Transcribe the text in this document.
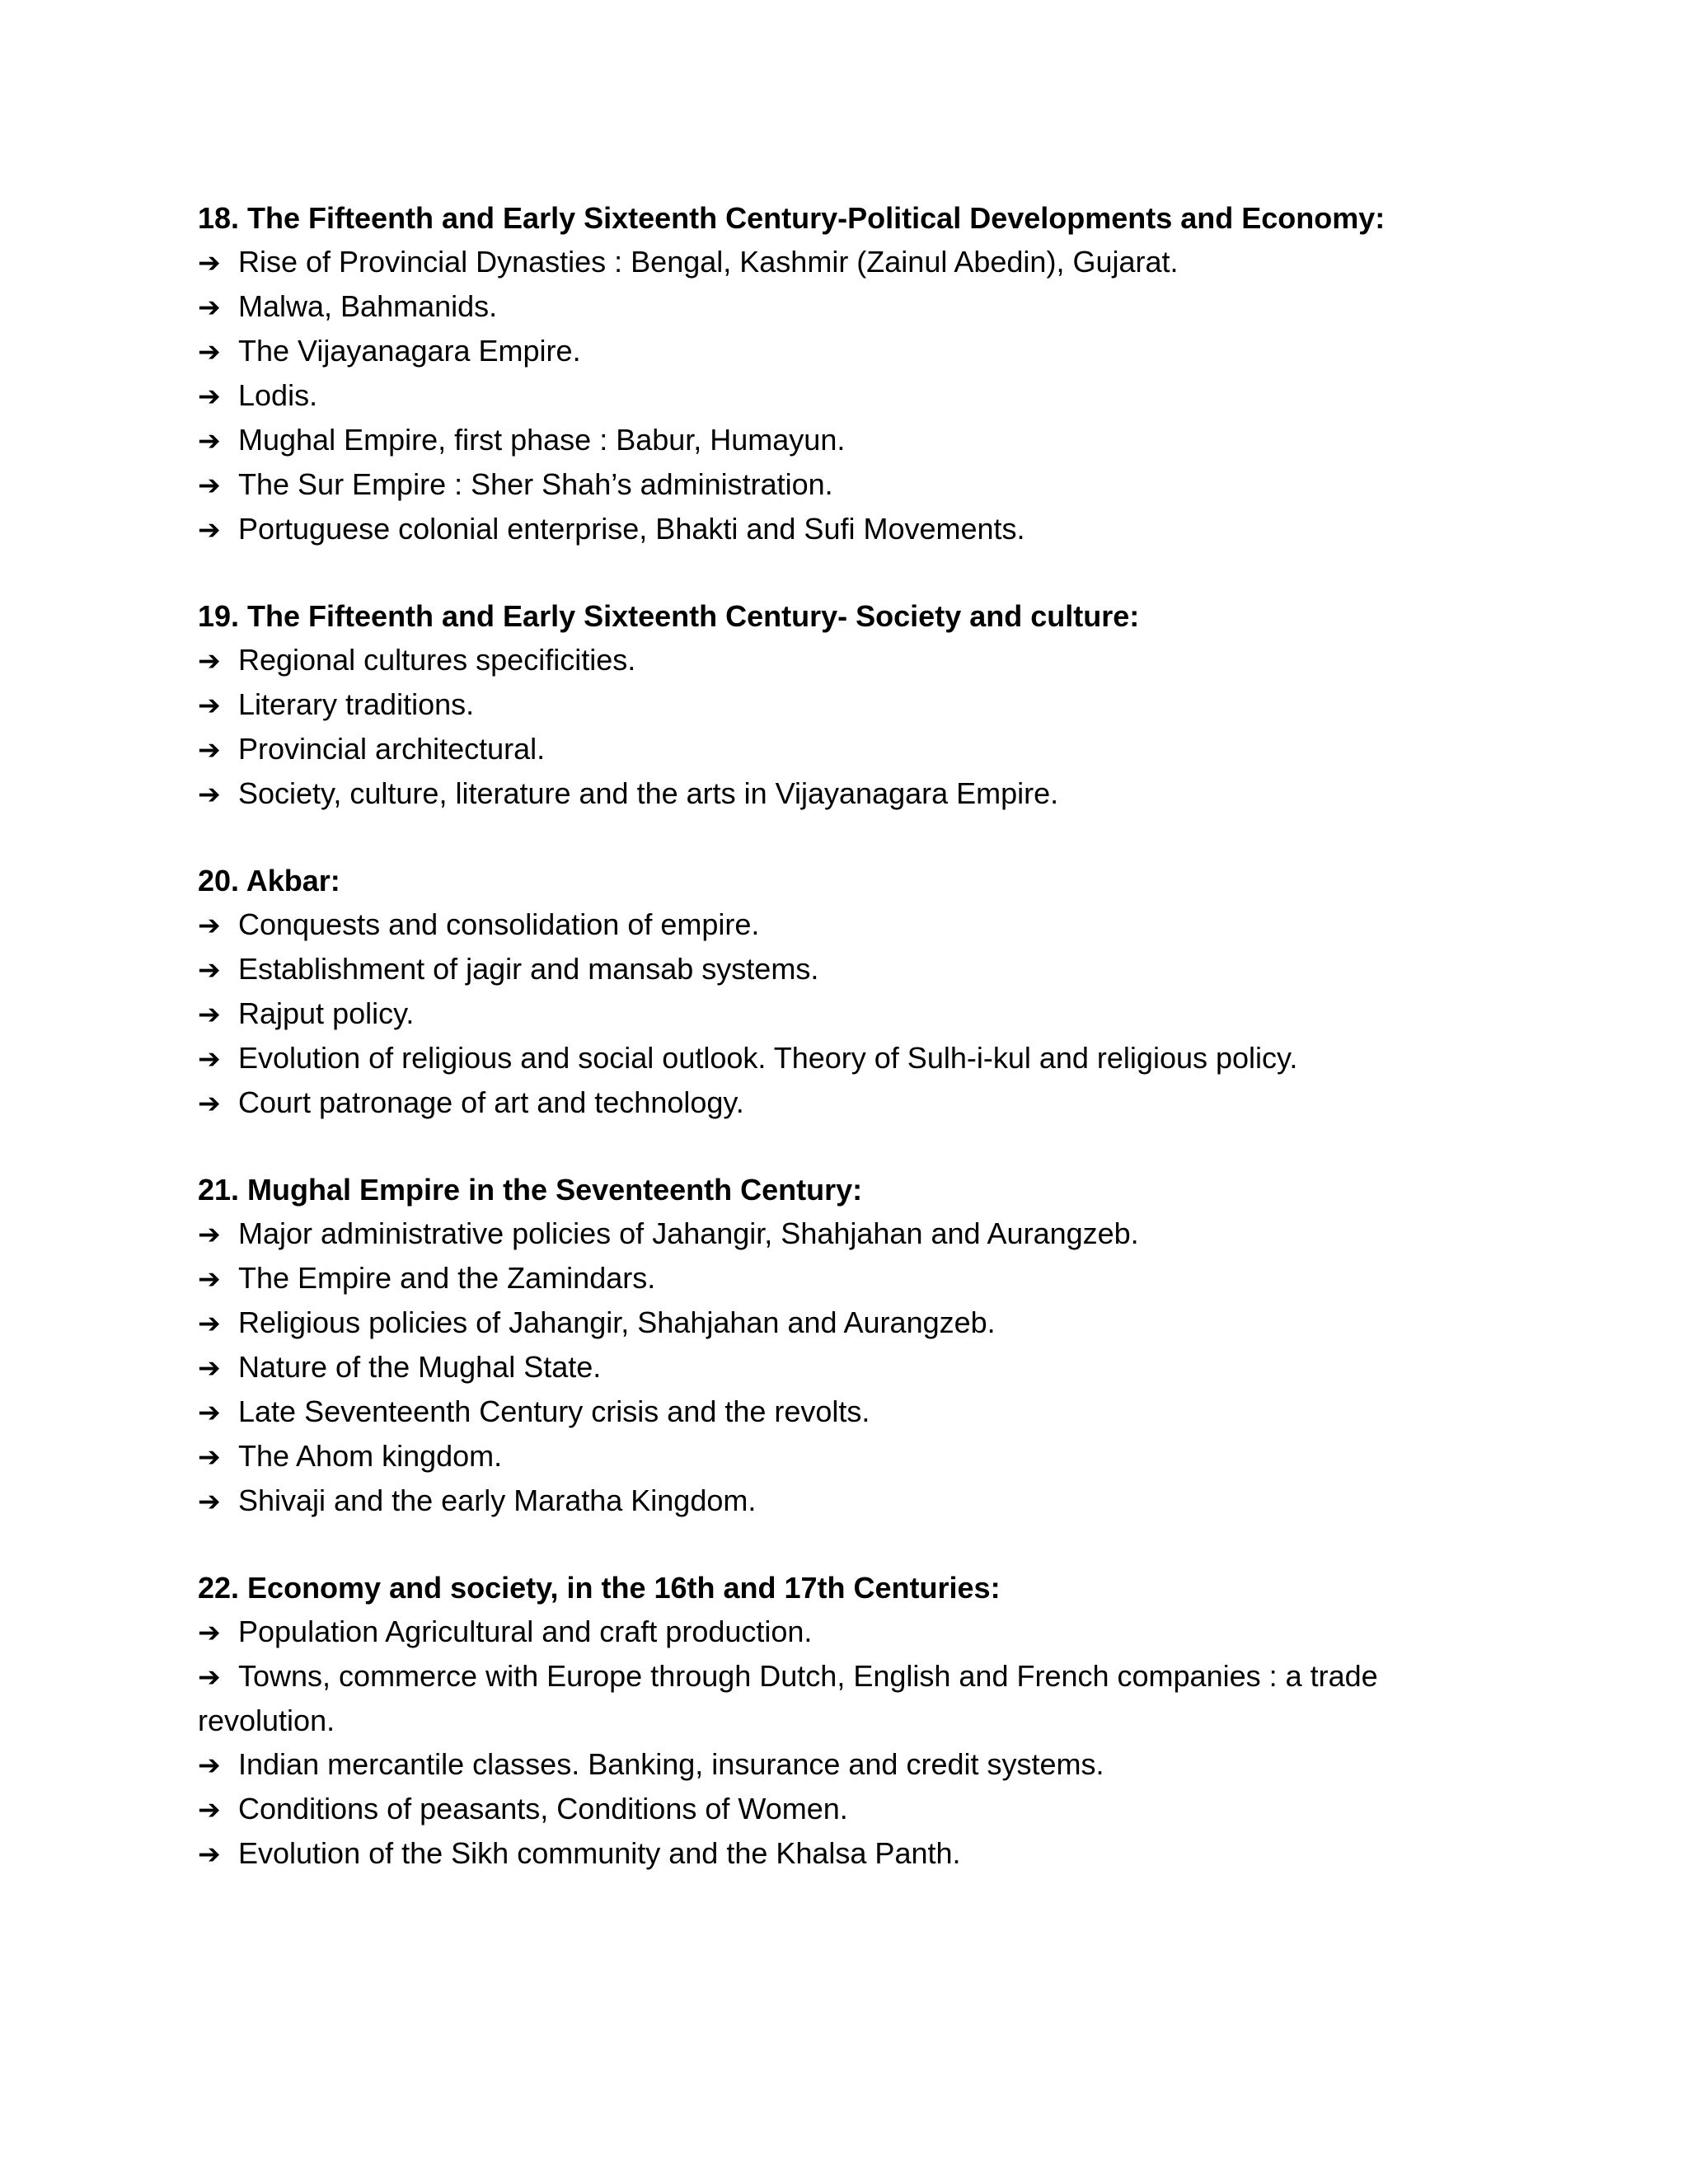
18. The Fifteenth and Early Sixteenth Century-Political Developments and Economy:

➔ Rise of Provincial Dynasties : Bengal, Kashmir (Zainul Abedin), Gujarat.

➔ Malwa, Bahmanids.

➔ The Vijayanagara Empire.

➔ Lodis.

➔ Mughal Empire, first phase : Babur, Humayun.

➔ The Sur Empire : Sher Shah’s administration.

➔ Portuguese colonial enterprise, Bhakti and Sufi Movements.

19. The Fifteenth and Early Sixteenth Century- Society and culture:

➔ Regional cultures specificities.

➔ Literary traditions.

➔ Provincial architectural.

➔ Society, culture, literature and the arts in Vijayanagara Empire.

20. Akbar:

➔ Conquests and consolidation of empire.

➔ Establishment of jagir and mansab systems.

➔ Rajput policy.

➔ Evolution of religious and social outlook. Theory of Sulh-i-kul and religious policy.

➔ Court patronage of art and technology.

21. Mughal Empire in the Seventeenth Century:

➔ Major administrative policies of Jahangir, Shahjahan and Aurangzeb.

➔ The Empire and the Zamindars.

➔ Religious policies of Jahangir, Shahjahan and Aurangzeb.

➔ Nature of the Mughal State.

➔ Late Seventeenth Century crisis and the revolts.

➔ The Ahom kingdom.

➔ Shivaji and the early Maratha Kingdom.

22. Economy and society, in the 16th and 17th Centuries:

➔ Population Agricultural and craft production.

➔ Towns, commerce with Europe through Dutch, English and French companies : a trade revolution.

➔ Indian mercantile classes. Banking, insurance and credit systems.

➔ Conditions of peasants, Conditions of Women.

➔ Evolution of the Sikh community and the Khalsa Panth.
